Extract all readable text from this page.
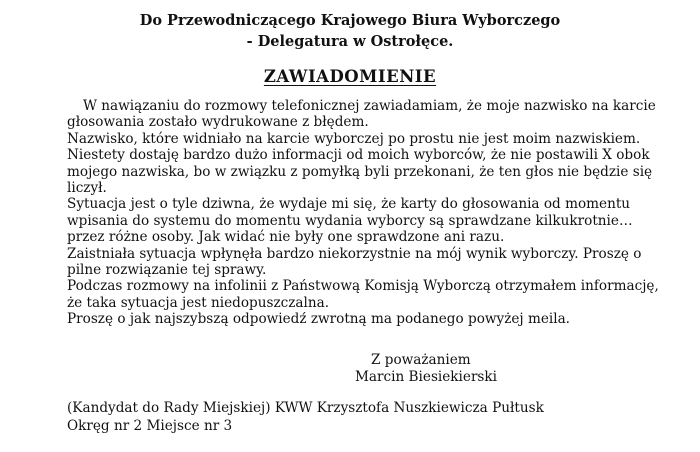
Do Przewodniczącego Krajowego Biura Wyborczego
- Delegatura w Ostrołęce.
ZAWIADOMIENIE
W nawiązaniu do rozmowy telefonicznej zawiadamiam, że moje nazwisko na karcie
głosowania zostało wydrukowane z błędem.
Nazwisko, które widniało na karcie wyborczej po prostu nie jest moim nazwiskiem.
Niestety dostaję bardzo dużo informacji od moich wyborców, że nie postawili X obok
mojego nazwiska, bo w związku z pomyłką byli przekonani, że ten głos nie będzie się
liczył.
Sytuacja jest o tyle dziwna, że wydaje mi się, że karty do głosowania od momentu
wpisania do systemu do momentu wydania wyborcy są sprawdzane kilkukrotnie…
przez różne osoby. Jak widać nie były one sprawdzone ani razu.
Zaistniała sytuacja wpłynęła bardzo niekorzystnie na mój wynik wyborczy. Proszę o
pilne rozwiązanie tej sprawy.
Podczas rozmowy na infolinii z Państwową Komisją Wyborczą otrzymałem informację,
że taka sytuacja jest niedopuszczalna.
Proszę o jak najszybszą odpowiedź zwrotną ma podanego powyżej meila.
Z poważaniem
Marcin Biesiekierski
(Kandydat do Rady Miejskiej) KWW Krzysztofa Nuszkiewicza Pułtusk
Okręg nr 2 Miejsce nr 3
